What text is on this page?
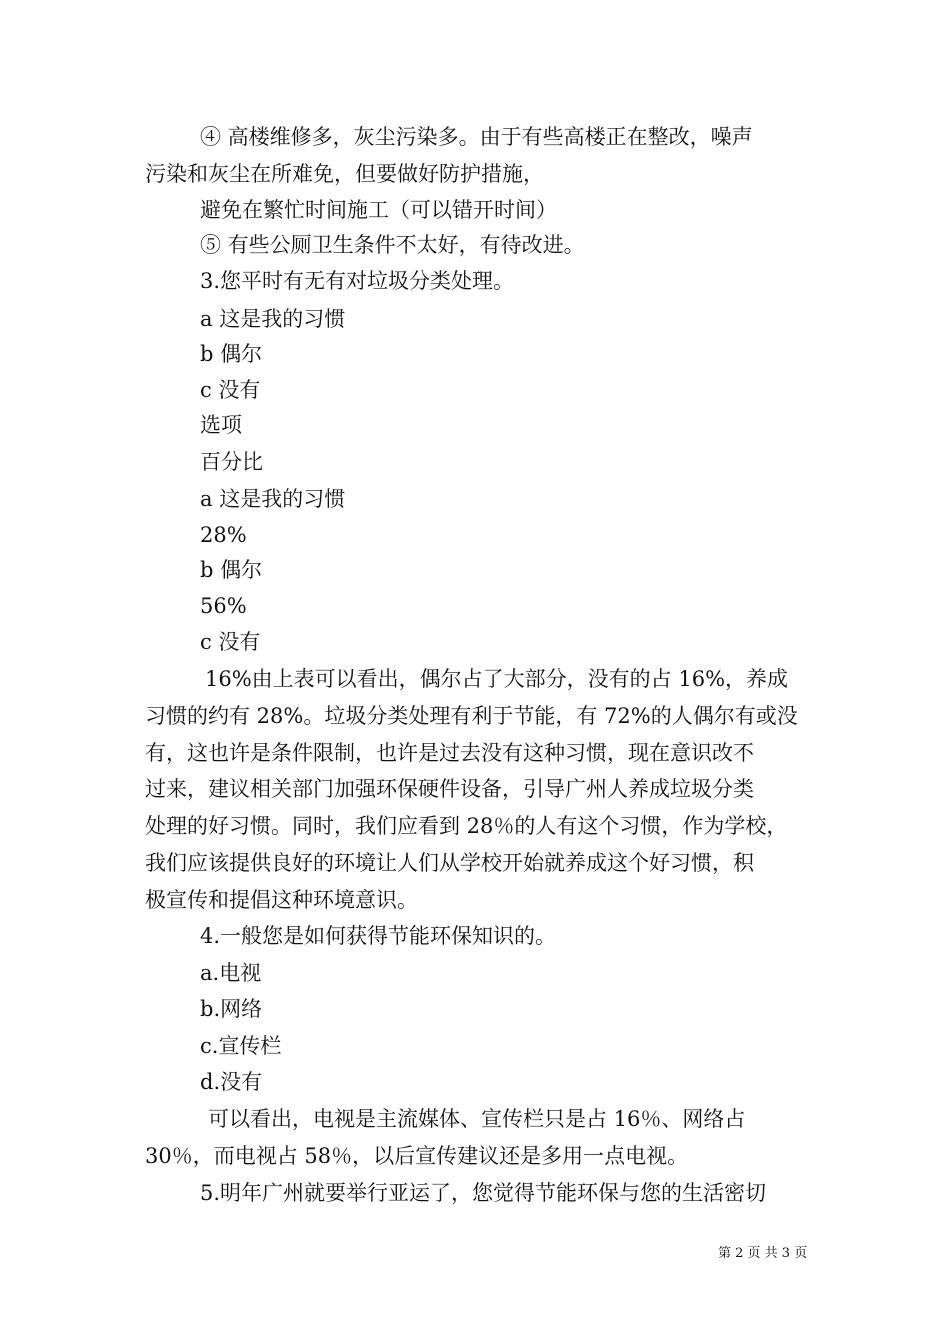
④ 高楼维修多，灰尘污染多。由于有些高楼正在整改，噪声
污染和灰尘在所难免，但要做好防护措施，
避免在繁忙时间施工（可以错开时间）
⑤ 有些公厕卫生条件不太好，有待改进。
3.您平时有无有对垃圾分类处理。
a 这是我的习惯
b 偶尔
c 没有
选项
百分比
a 这是我的习惯
28%
b 偶尔
56%
c 没有
16%由上表可以看出，偶尔占了大部分，没有的占 16%，养成
习惯的约有 28%。垃圾分类处理有利于节能，有 72%的人偶尔有或没
有，这也许是条件限制，也许是过去没有这种习惯，现在意识改不
过来，建议相关部门加强环保硬件设备，引导广州人养成垃圾分类
处理的好习惯。同时，我们应看到 28％的人有这个习惯，作为学校，
我们应该提供良好的环境让人们从学校开始就养成这个好习惯，积
极宣传和提倡这种环境意识。
4.一般您是如何获得节能环保知识的。
a.电视
b.网络
c.宣传栏
d.没有
可以看出，电视是主流媒体、宣传栏只是占 16％、网络占
30％，而电视占 58％，以后宣传建议还是多用一点电视。
5.明年广州就要举行亚运了，您觉得节能环保与您的生活密切
第 2 页 共 3 页
